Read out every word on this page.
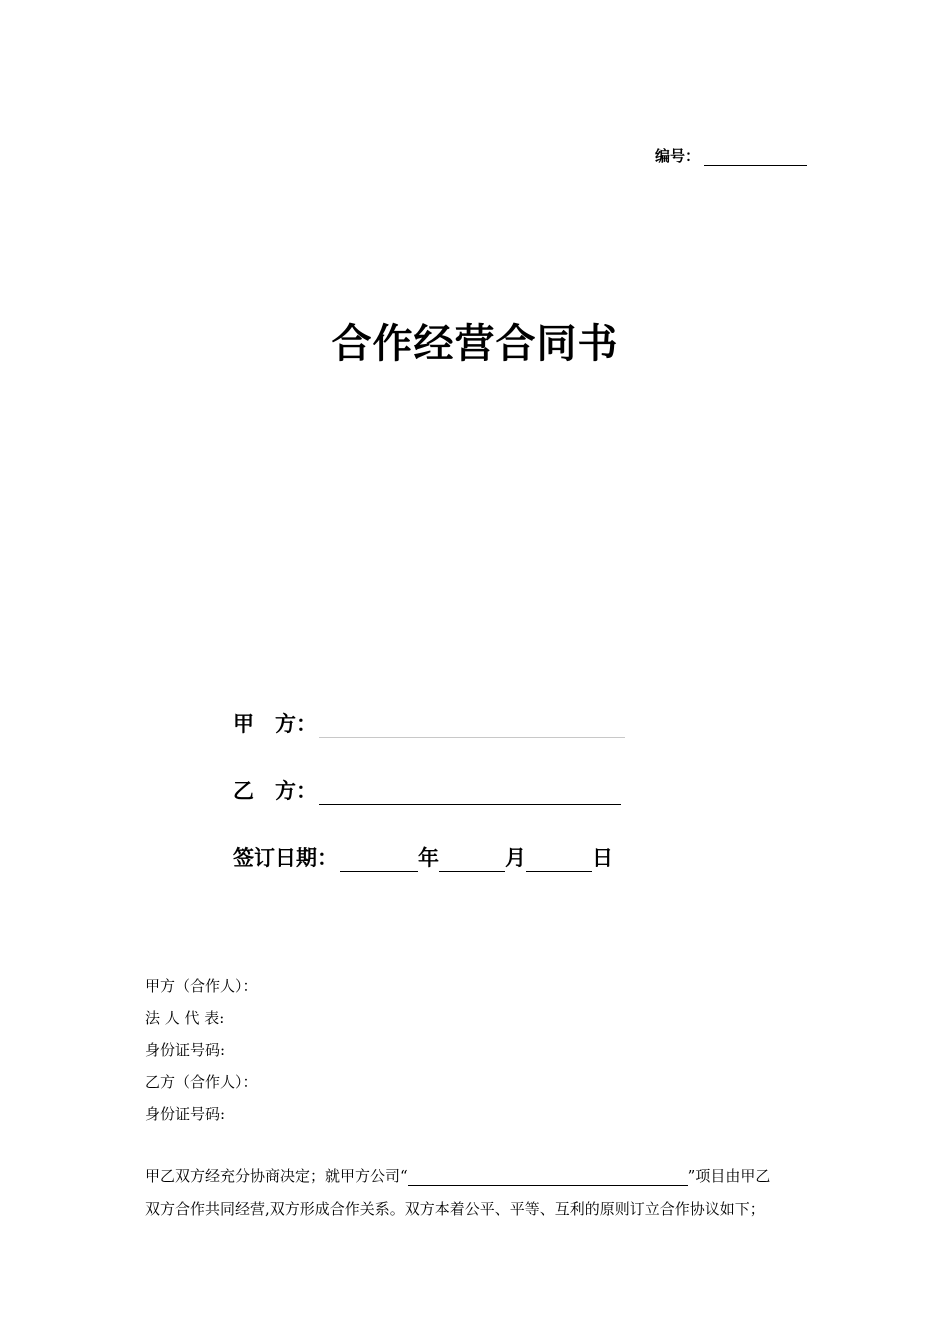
编号：
合作经营合同书
甲　方：
乙　方：
签订日期：	年	月	日
甲方（合作人）：
法 人 代 表:
身份证号码:
乙方（合作人）：
身份证号码:
甲乙双方经充分协商决定；就甲方公司“	”项目由甲乙
双方合作共同经营,双方形成合作关系。双方本着公平、平等、互利的原则订立合作协议如下；
